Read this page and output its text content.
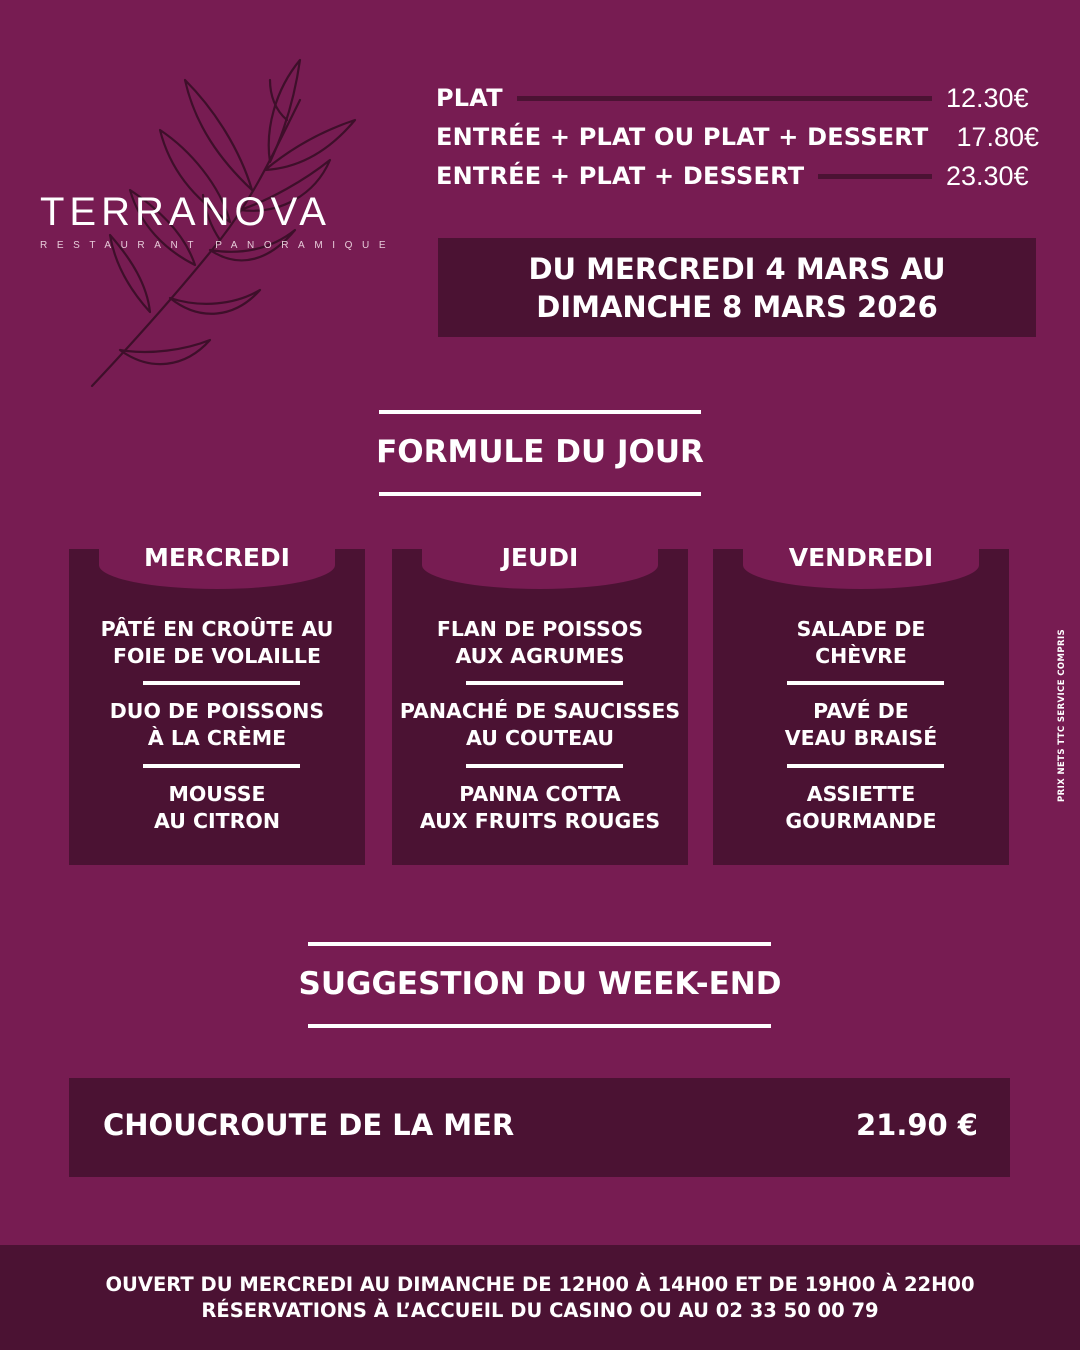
TERRANOVA
RESTAURANT PANORAMIQUE
PLAT	12.30€
ENTRÉE + PLAT OU PLAT + DESSERT 17.80€
ENTRÉE + PLAT + DESSERT	23.30€
DU MERCREDI 4 MARS AU
DIMANCHE 8 MARS 2026
FORMULE DU JOUR
MERCREDI
PÂTÉ EN CROÛTE AU
FOIE DE VOLAILLE
DUO DE POISSONS
À LA CRÈME
MOUSSE
AU CITRON
JEUDI
FLAN DE POISSOS
AUX AGRUMES
PANACHÉ DE SAUCISSES
AU COUTEAU
PANNA COTTA
AUX FRUITS ROUGES
VENDREDI
SALADE DE
CHÈVRE
PAVÉ DE
VEAU BRAISÉ
ASSIETTE
GOURMANDE
SUGGESTION DU WEEK-END
CHOUCROUTE DE LA MER	21.90 €
PRIX NETS TTC SERVICE COMPRIS
OUVERT DU MERCREDI AU DIMANCHE DE 12H00 À 14H00 ET DE 19H00 À 22H00
RÉSERVATIONS À L’ACCUEIL DU CASINO OU AU 02 33 50 00 79
